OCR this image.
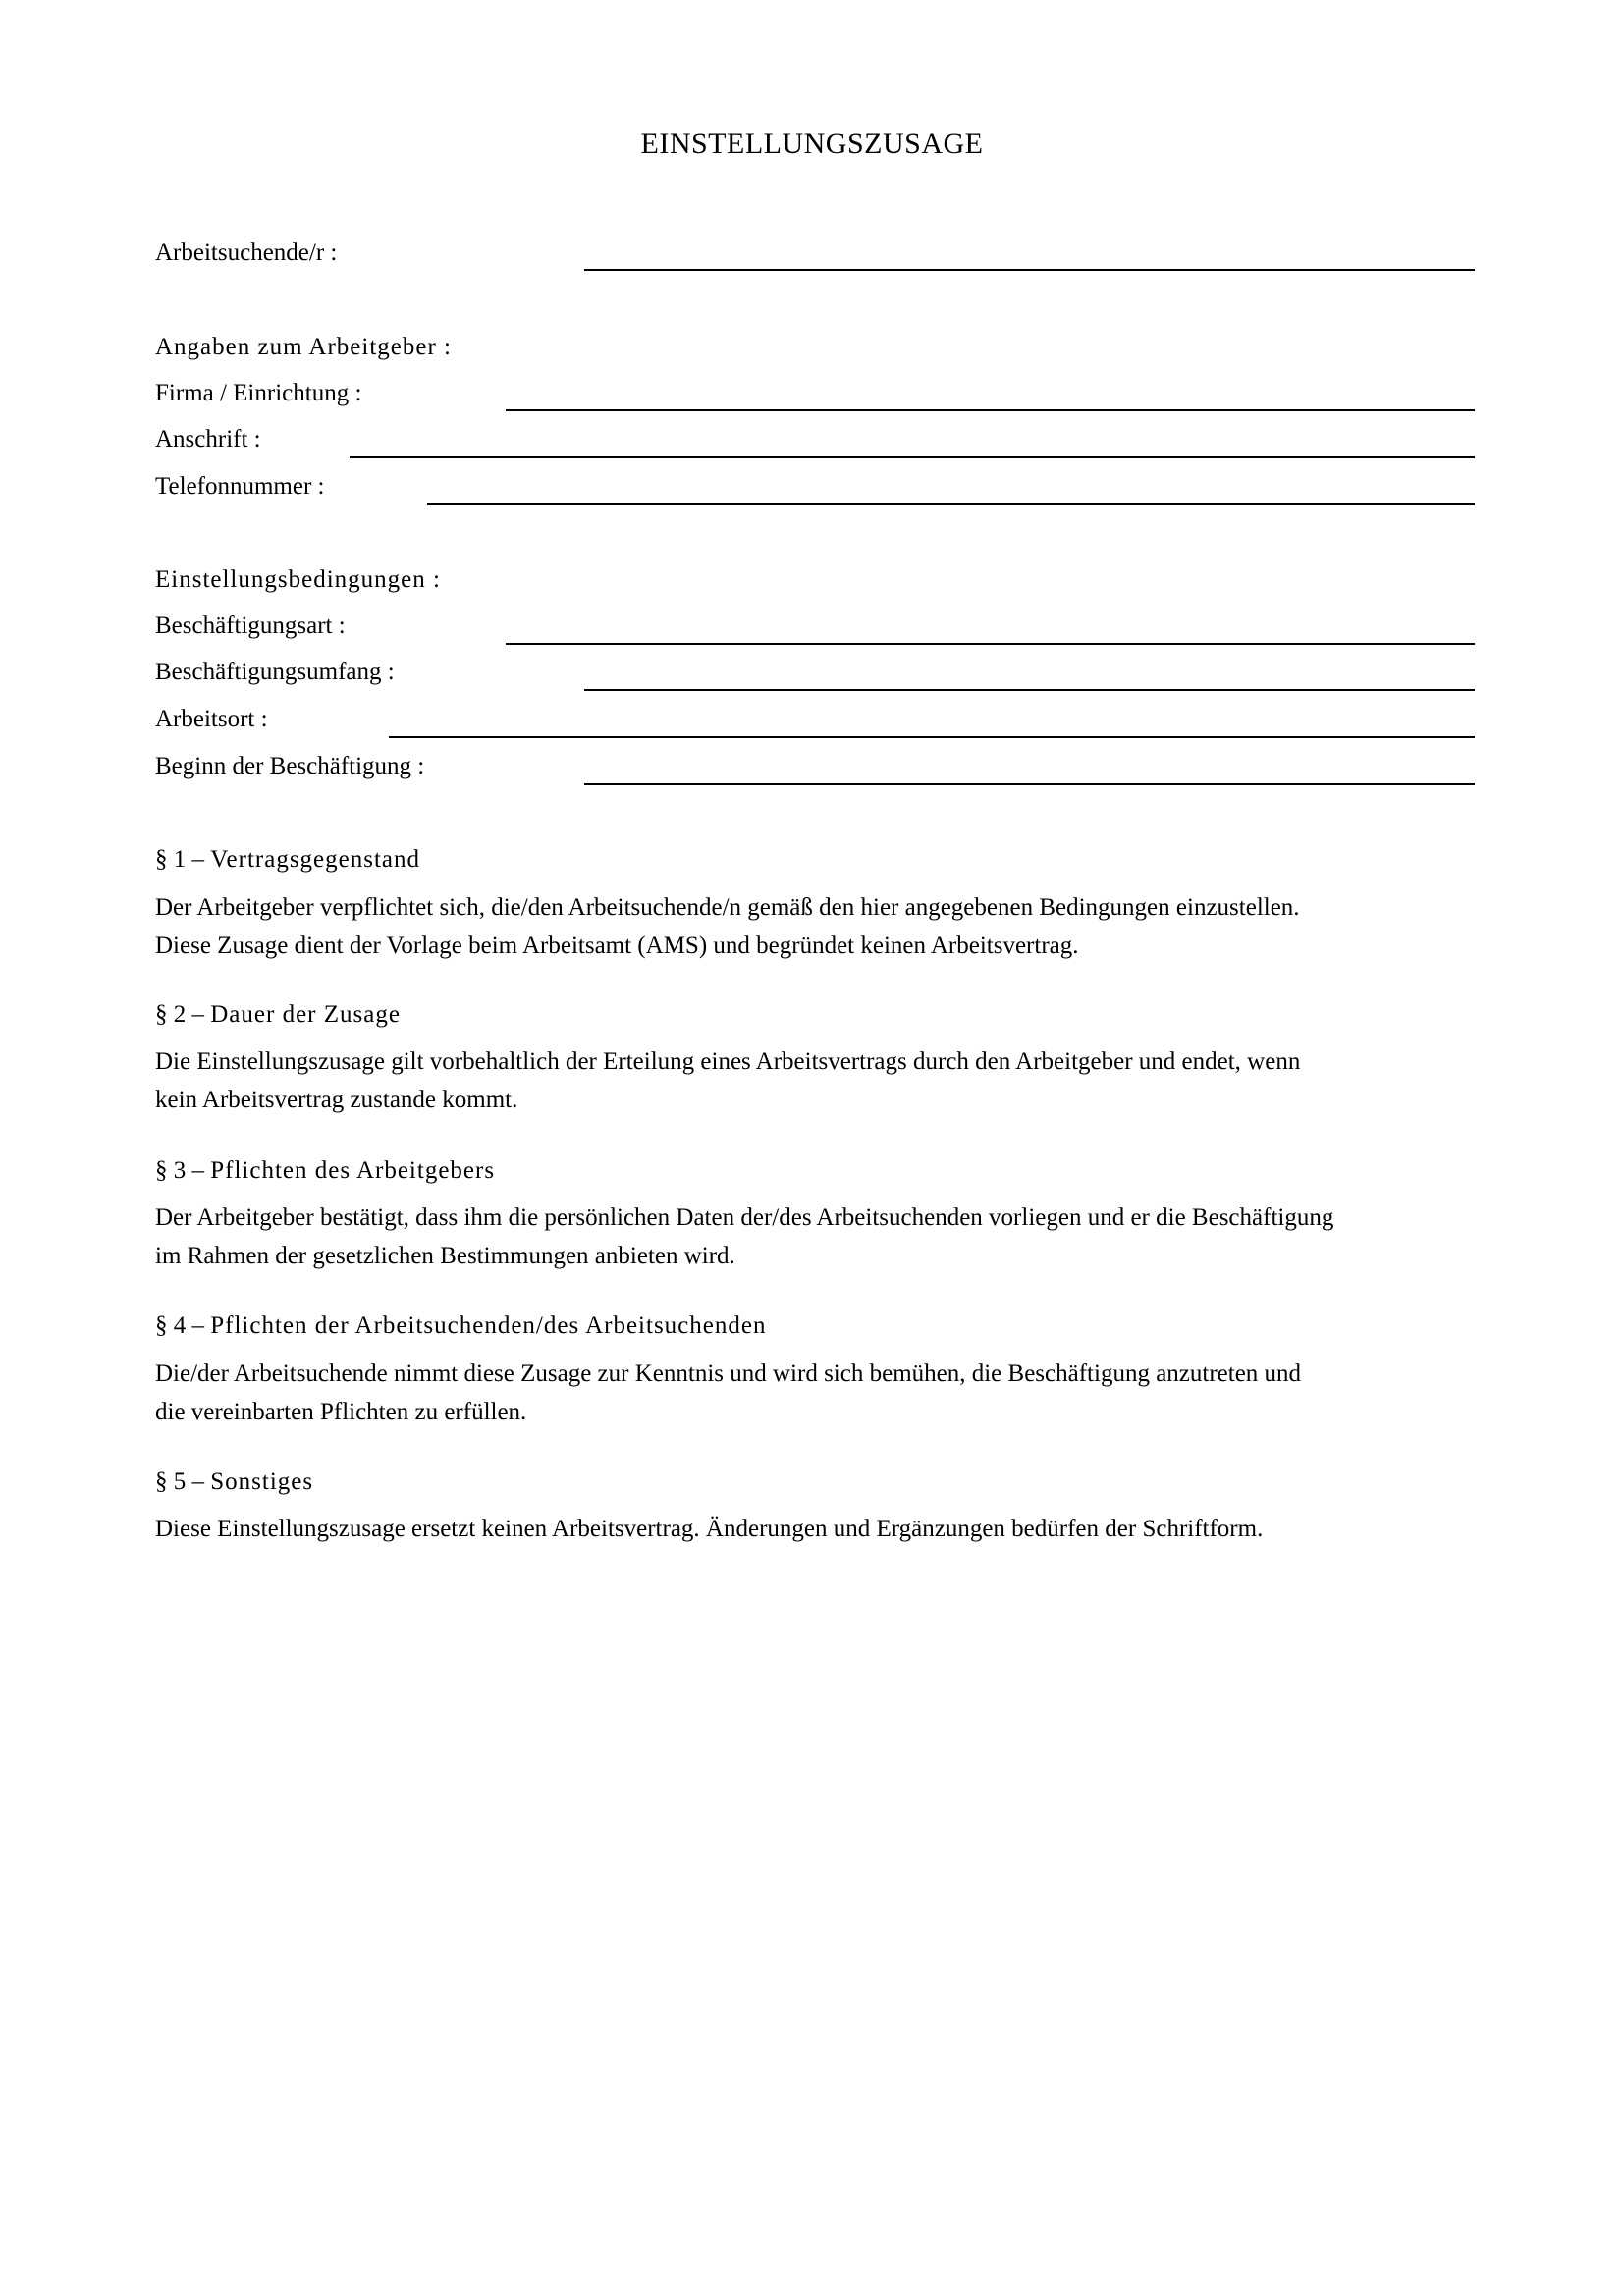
EINSTELLUNGSZUSAGE
Arbeitsuchende/r :
Angaben zum Arbeitgeber :
Firma / Einrichtung :
Anschrift :
Telefonnummer :
Einstellungsbedingungen :
Beschäftigungsart :
Beschäftigungsumfang :
Arbeitsort :
Beginn der Beschäftigung :
§ 1 – Vertragsgegenstand
Der Arbeitgeber verpflichtet sich, die/den Arbeitsuchende/n gemäß den hier angegebenen Bedingungen einzustellen.
Diese Zusage dient der Vorlage beim Arbeitsamt (AMS) und begründet keinen Arbeitsvertrag.
§ 2 – Dauer der Zusage
Die Einstellungszusage gilt vorbehaltlich der Erteilung eines Arbeitsvertrags durch den Arbeitgeber und endet, wenn
kein Arbeitsvertrag zustande kommt.
§ 3 – Pflichten des Arbeitgebers
Der Arbeitgeber bestätigt, dass ihm die persönlichen Daten der/des Arbeitsuchenden vorliegen und er die Beschäftigung
im Rahmen der gesetzlichen Bestimmungen anbieten wird.
§ 4 – Pflichten der Arbeitsuchenden/des Arbeitsuchenden
Die/der Arbeitsuchende nimmt diese Zusage zur Kenntnis und wird sich bemühen, die Beschäftigung anzutreten und
die vereinbarten Pflichten zu erfüllen.
§ 5 – Sonstiges
Diese Einstellungszusage ersetzt keinen Arbeitsvertrag. Änderungen und Ergänzungen bedürfen der Schriftform.
